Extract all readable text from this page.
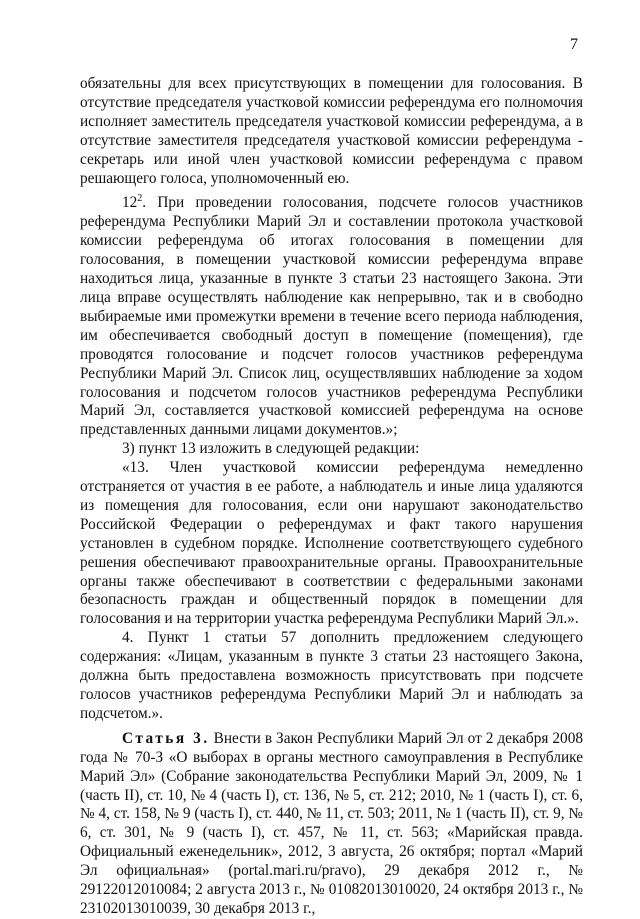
7

обязательны для всех присутствующих в помещении для голосования. В отсутствие председателя участковой комиссии референдума его полномочия исполняет заместитель председателя участковой комиссии референдума, а в отсутствие заместителя председателя участковой комиссии референдума - секретарь или иной член участковой комиссии референдума с правом решающего голоса, уполномоченный ею.

$12^2$. При проведении голосования, подсчете голосов участников референдума Республики Марий Эл и составлении протокола участковой комиссии референдума об итогах голосования в помещении для голосования, в помещении участковой комиссии референдума вправе находиться лица, указанные в пункте 3 статьи 23 настоящего Закона. Эти лица вправе осуществлять наблюдение как непрерывно, так и в свободно выбираемые ими промежутки времени в течение всего периода наблюдения, им обеспечивается свободный доступ в помещение (помещения), где проводятся голосование и подсчет голосов участников референдума Республики Марий Эл. Список лиц, осуществлявших наблюдение за ходом голосования и подсчетом голосов участников референдума Республики Марий Эл, составляется участковой комиссией референдума на основе представленных данными лицами документов.»;

3) пункт 13 изложить в следующей редакции:

«13. Член участковой комиссии референдума немедленно отстраняется от участия в ее работе, а наблюдатель и иные лица удаляются из помещения для голосования, если они нарушают законодательство Российской Федерации о референдумах и факт такого нарушения установлен в судебном порядке. Исполнение соответствующего судебного решения обеспечивают правоохранительные органы. Правоохранительные органы также обеспечивают в соответствии с федеральными законами безопасность граждан и общественный порядок в помещении для голосования и на территории участка референдума Республики Марий Эл.».

4. Пункт 1 статьи 57 дополнить предложением следующего содержания: «Лицам, указанным в пункте 3 статьи 23 настоящего Закона, должна быть предоставлена возможность присутствовать при подсчете голосов участников референдума Республики Марий Эл и наблюдать за подсчетом.».

Статья 3. Внести в Закон Республики Марий Эл от 2 декабря 2008 года № 70-З «О выборах в органы местного самоуправления в Республике Марий Эл» (Собрание законодательства Республики Марий Эл, 2009, № 1 (часть II), ст. 10, № 4 (часть I), ст. 136, № 5, ст. 212; 2010, № 1 (часть I), ст. 6, № 4, ст. 158, № 9 (часть I), ст. 440, № 11, ст. 503; 2011, № 1 (часть II), ст. 9, № 6, ст. 301, № 9 (часть I), ст. 457, № 11, ст. 563; «Марийская правда. Официальный еженедельник», 2012, 3 августа, 26 октября; портал «Марий Эл официальная» (portal.mari.ru/pravo), 29 декабря 2012 г., № 29122012010084; 2 августа 2013 г., № 01082013010020, 24 октября 2013 г., № 23102013010039, 30 декабря 2013 г.,
